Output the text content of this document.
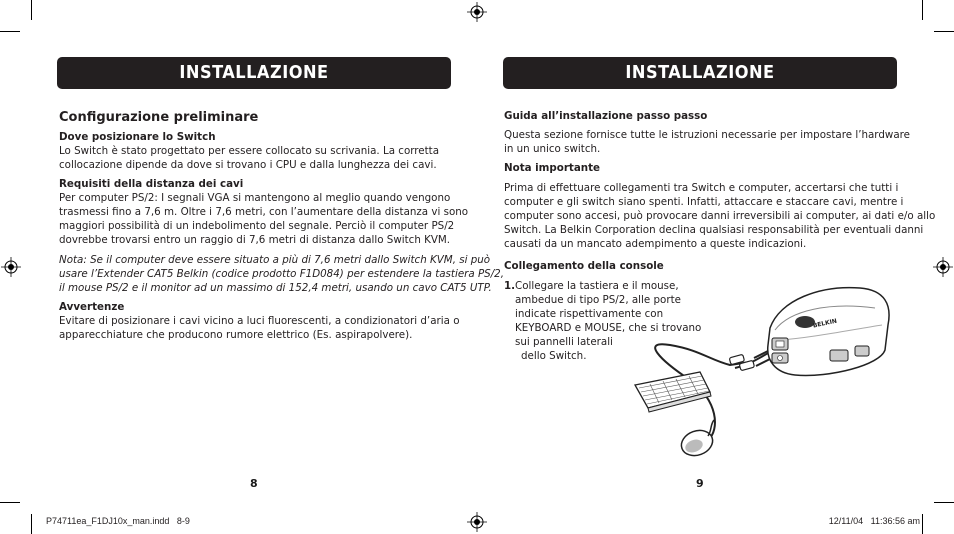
INSTALLAZIONE
Configurazione preliminare
Dove posizionare lo Switch
Lo Switch è stato progettato per essere collocato su scrivania. La corretta
collocazione dipende da dove si trovano i CPU e dalla lunghezza dei cavi.
Requisiti della distanza dei cavi
Per computer PS/2: I segnali VGA si mantengono al meglio quando vengono
trasmessi fino a 7,6 m. Oltre i 7,6 metri, con l’aumentare della distanza vi sono
maggiori possibilità di un indebolimento del segnale. Perciò il computer PS/2
dovrebbe trovarsi entro un raggio di 7,6 metri di distanza dallo Switch KVM.
Nota: Se il computer deve essere situato a più di 7,6 metri dallo Switch KVM, si può
usare l’Extender CAT5 Belkin (codice prodotto F1D084) per estendere la tastiera PS/2,
il mouse PS/2 e il monitor ad un massimo di 152,4 metri, usando un cavo CAT5 UTP.
Avvertenze
Evitare di posizionare i cavi vicino a luci fluorescenti, a condizionatori d’aria o
apparecchiature che producono rumore elettrico (Es. aspirapolvere).
8
INSTALLAZIONE
Guida all’installazione passo passo
Questa sezione fornisce tutte le istruzioni necessarie per impostare l’hardware
in un unico switch.
Nota importante
Prima di effettuare collegamenti tra Switch e computer, accertarsi che tutti i
computer e gli switch siano spenti. Infatti, attaccare e staccare cavi, mentre i
computer sono accesi, può provocare danni irreversibili ai computer, ai dati e/o allo
Switch. La Belkin Corporation declina qualsiasi responsabilità per eventuali danni
causati da un mancato adempimento a queste indicazioni.
Collegamento della console
1. Collegare la tastiera e il mouse,
ambedue di tipo PS/2, alle porte
indicate rispettivamente con
KEYBOARD e MOUSE, che si trovano
sui pannelli laterali
dello Switch.
BELKIN
9
P74711ea_F1DJ10x_man.indd   8-9	12/11/04   11:36:56 am
